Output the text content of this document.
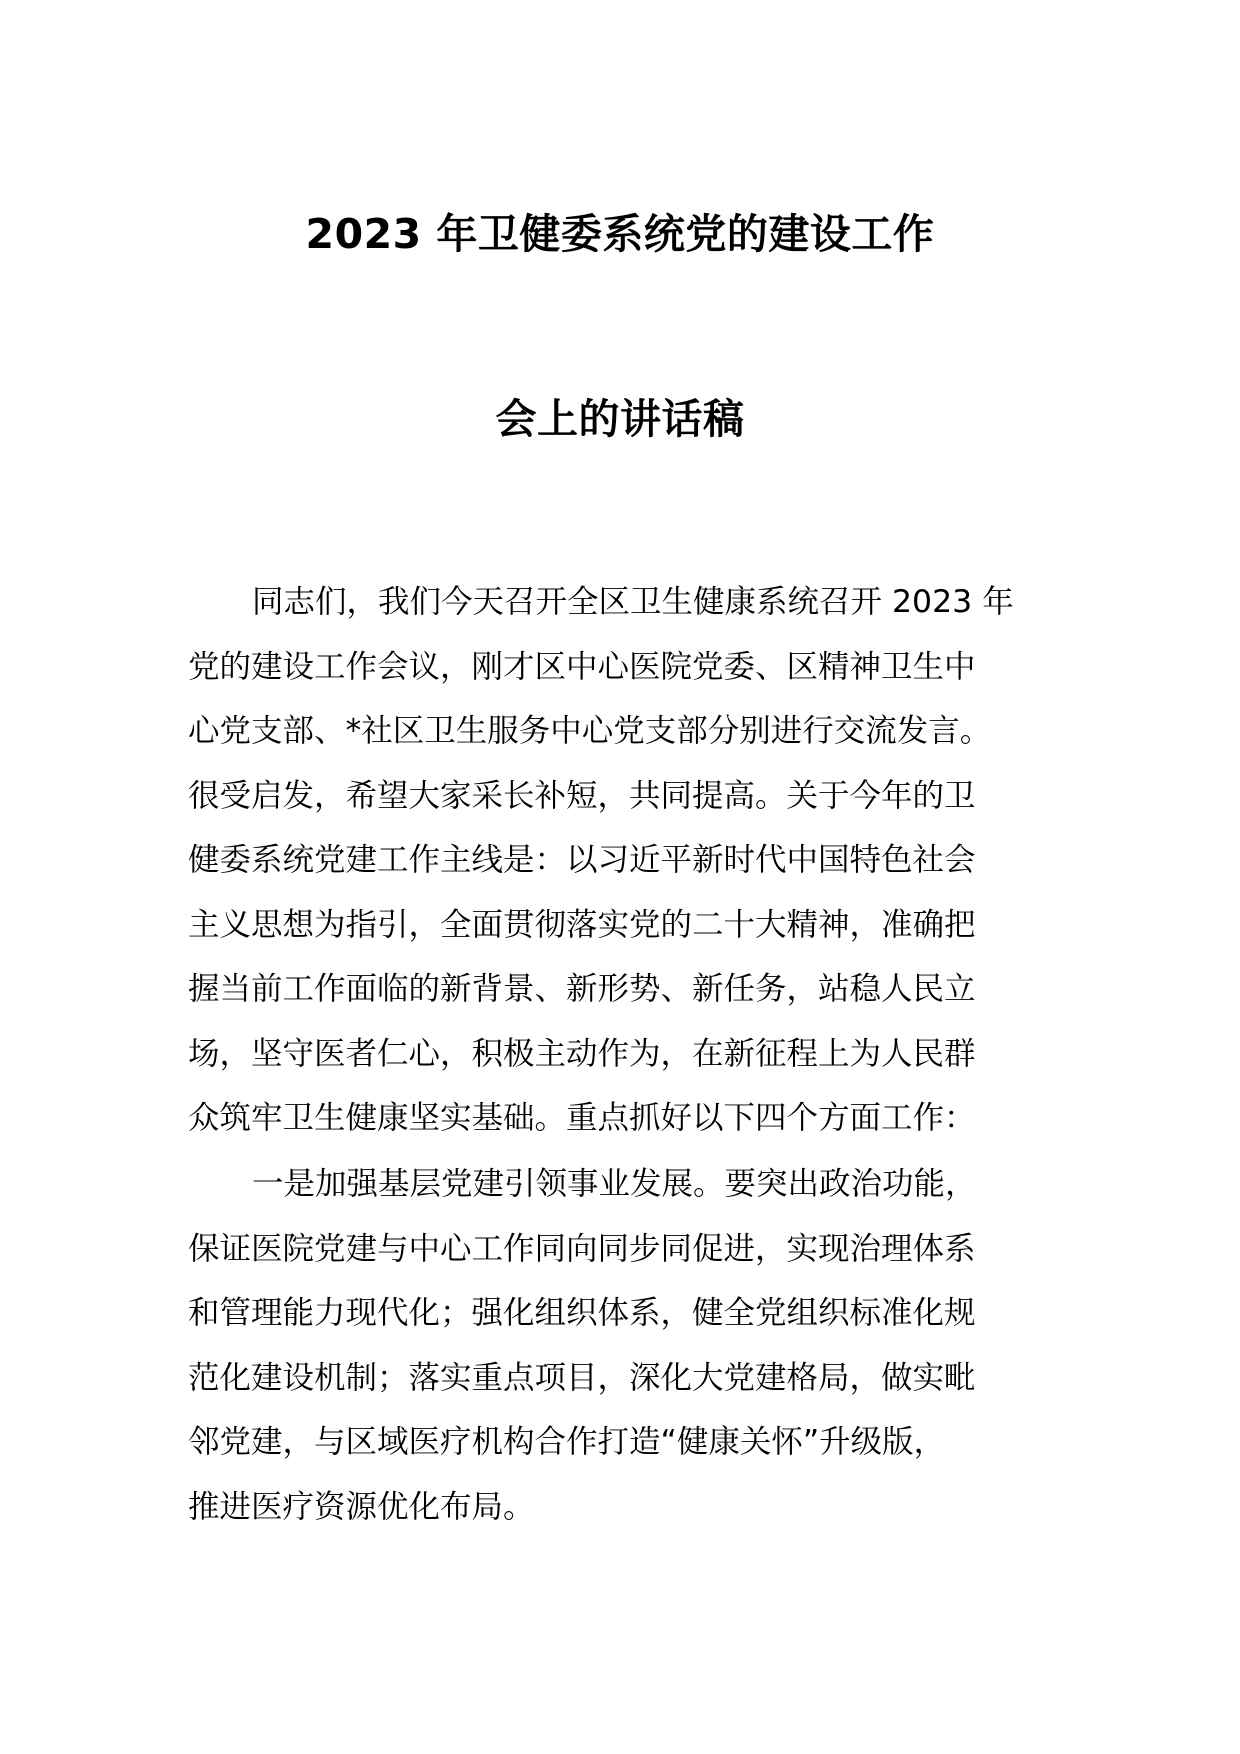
2023 年卫健委系统党的建设工作
会上的讲话稿
同志们，我们今天召开全区卫生健康系统召开 2023 年
党的建设工作会议，刚才区中心医院党委、区精神卫生中
心党支部、*社区卫生服务中心党支部分别进行交流发言。
很受启发，希望大家采长补短，共同提高。关于今年的卫
健委系统党建工作主线是：以习近平新时代中国特色社会
主义思想为指引，全面贯彻落实党的二十大精神，准确把
握当前工作面临的新背景、新形势、新任务，站稳人民立
场，坚守医者仁心，积极主动作为，在新征程上为人民群
众筑牢卫生健康坚实基础。重点抓好以下四个方面工作：
一是加强基层党建引领事业发展。要突出政治功能，
保证医院党建与中心工作同向同步同促进，实现治理体系
和管理能力现代化；强化组织体系，健全党组织标准化规
范化建设机制；落实重点项目，深化大党建格局，做实毗
邻党建，与区域医疗机构合作打造“健康关怀”升级版，
推进医疗资源优化布局。
